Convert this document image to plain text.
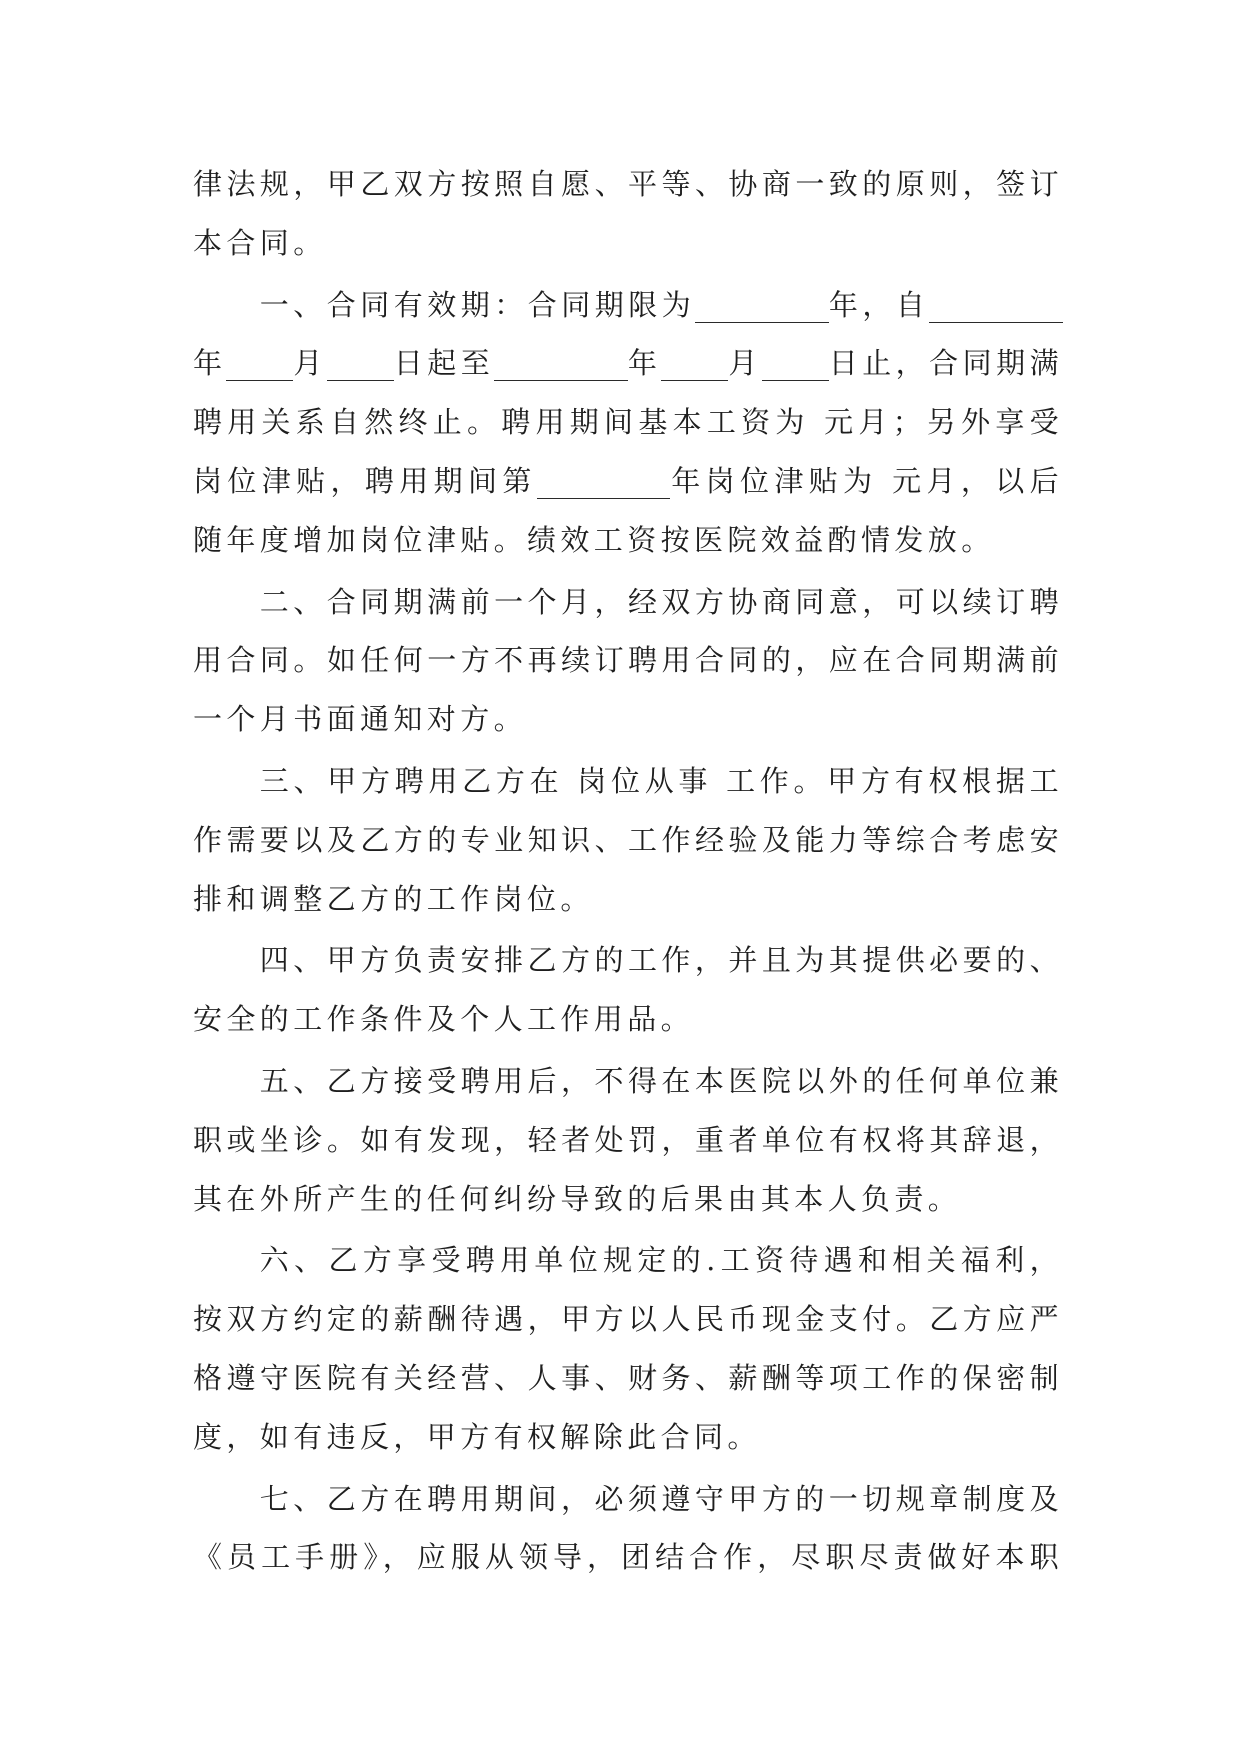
律法规，甲乙双方按照自愿、平等、协商一致的原则，签订
本合同。
一、合同有效期：合同期限为	年，自
年 月 日起至	年 月 日止，合同期满
聘用关系自然终止。聘用期间基本工资为 元月；另外享受
岗位津贴，聘用期间第	年岗位津贴为 元月，以后
随年度增加岗位津贴。绩效工资按医院效益酌情发放。
二、合同期满前一个月，经双方协商同意，可以续订聘
用合同。如任何一方不再续订聘用合同的，应在合同期满前
一个月书面通知对方。
三、甲方聘用乙方在 岗位从事 工作。甲方有权根据工
作需要以及乙方的专业知识、工作经验及能力等综合考虑安
排和调整乙方的工作岗位。
四、甲方负责安排乙方的工作，并且为其提供必要的、
安全的工作条件及个人工作用品。
五、乙方接受聘用后，不得在本医院以外的任何单位兼
职或坐诊。如有发现，轻者处罚，重者单位有权将其辞退，
其在外所产生的任何纠纷导致的后果由其本人负责。
六、乙方享受聘用单位规定的.工资待遇和相关福利，
按双方约定的薪酬待遇，甲方以人民币现金支付。乙方应严
格遵守医院有关经营、人事、财务、薪酬等项工作的保密制
度，如有违反，甲方有权解除此合同。
七、乙方在聘用期间，必须遵守甲方的一切规章制度及
《员工手册》，应服从领导，团结合作，尽职尽责做好本职
